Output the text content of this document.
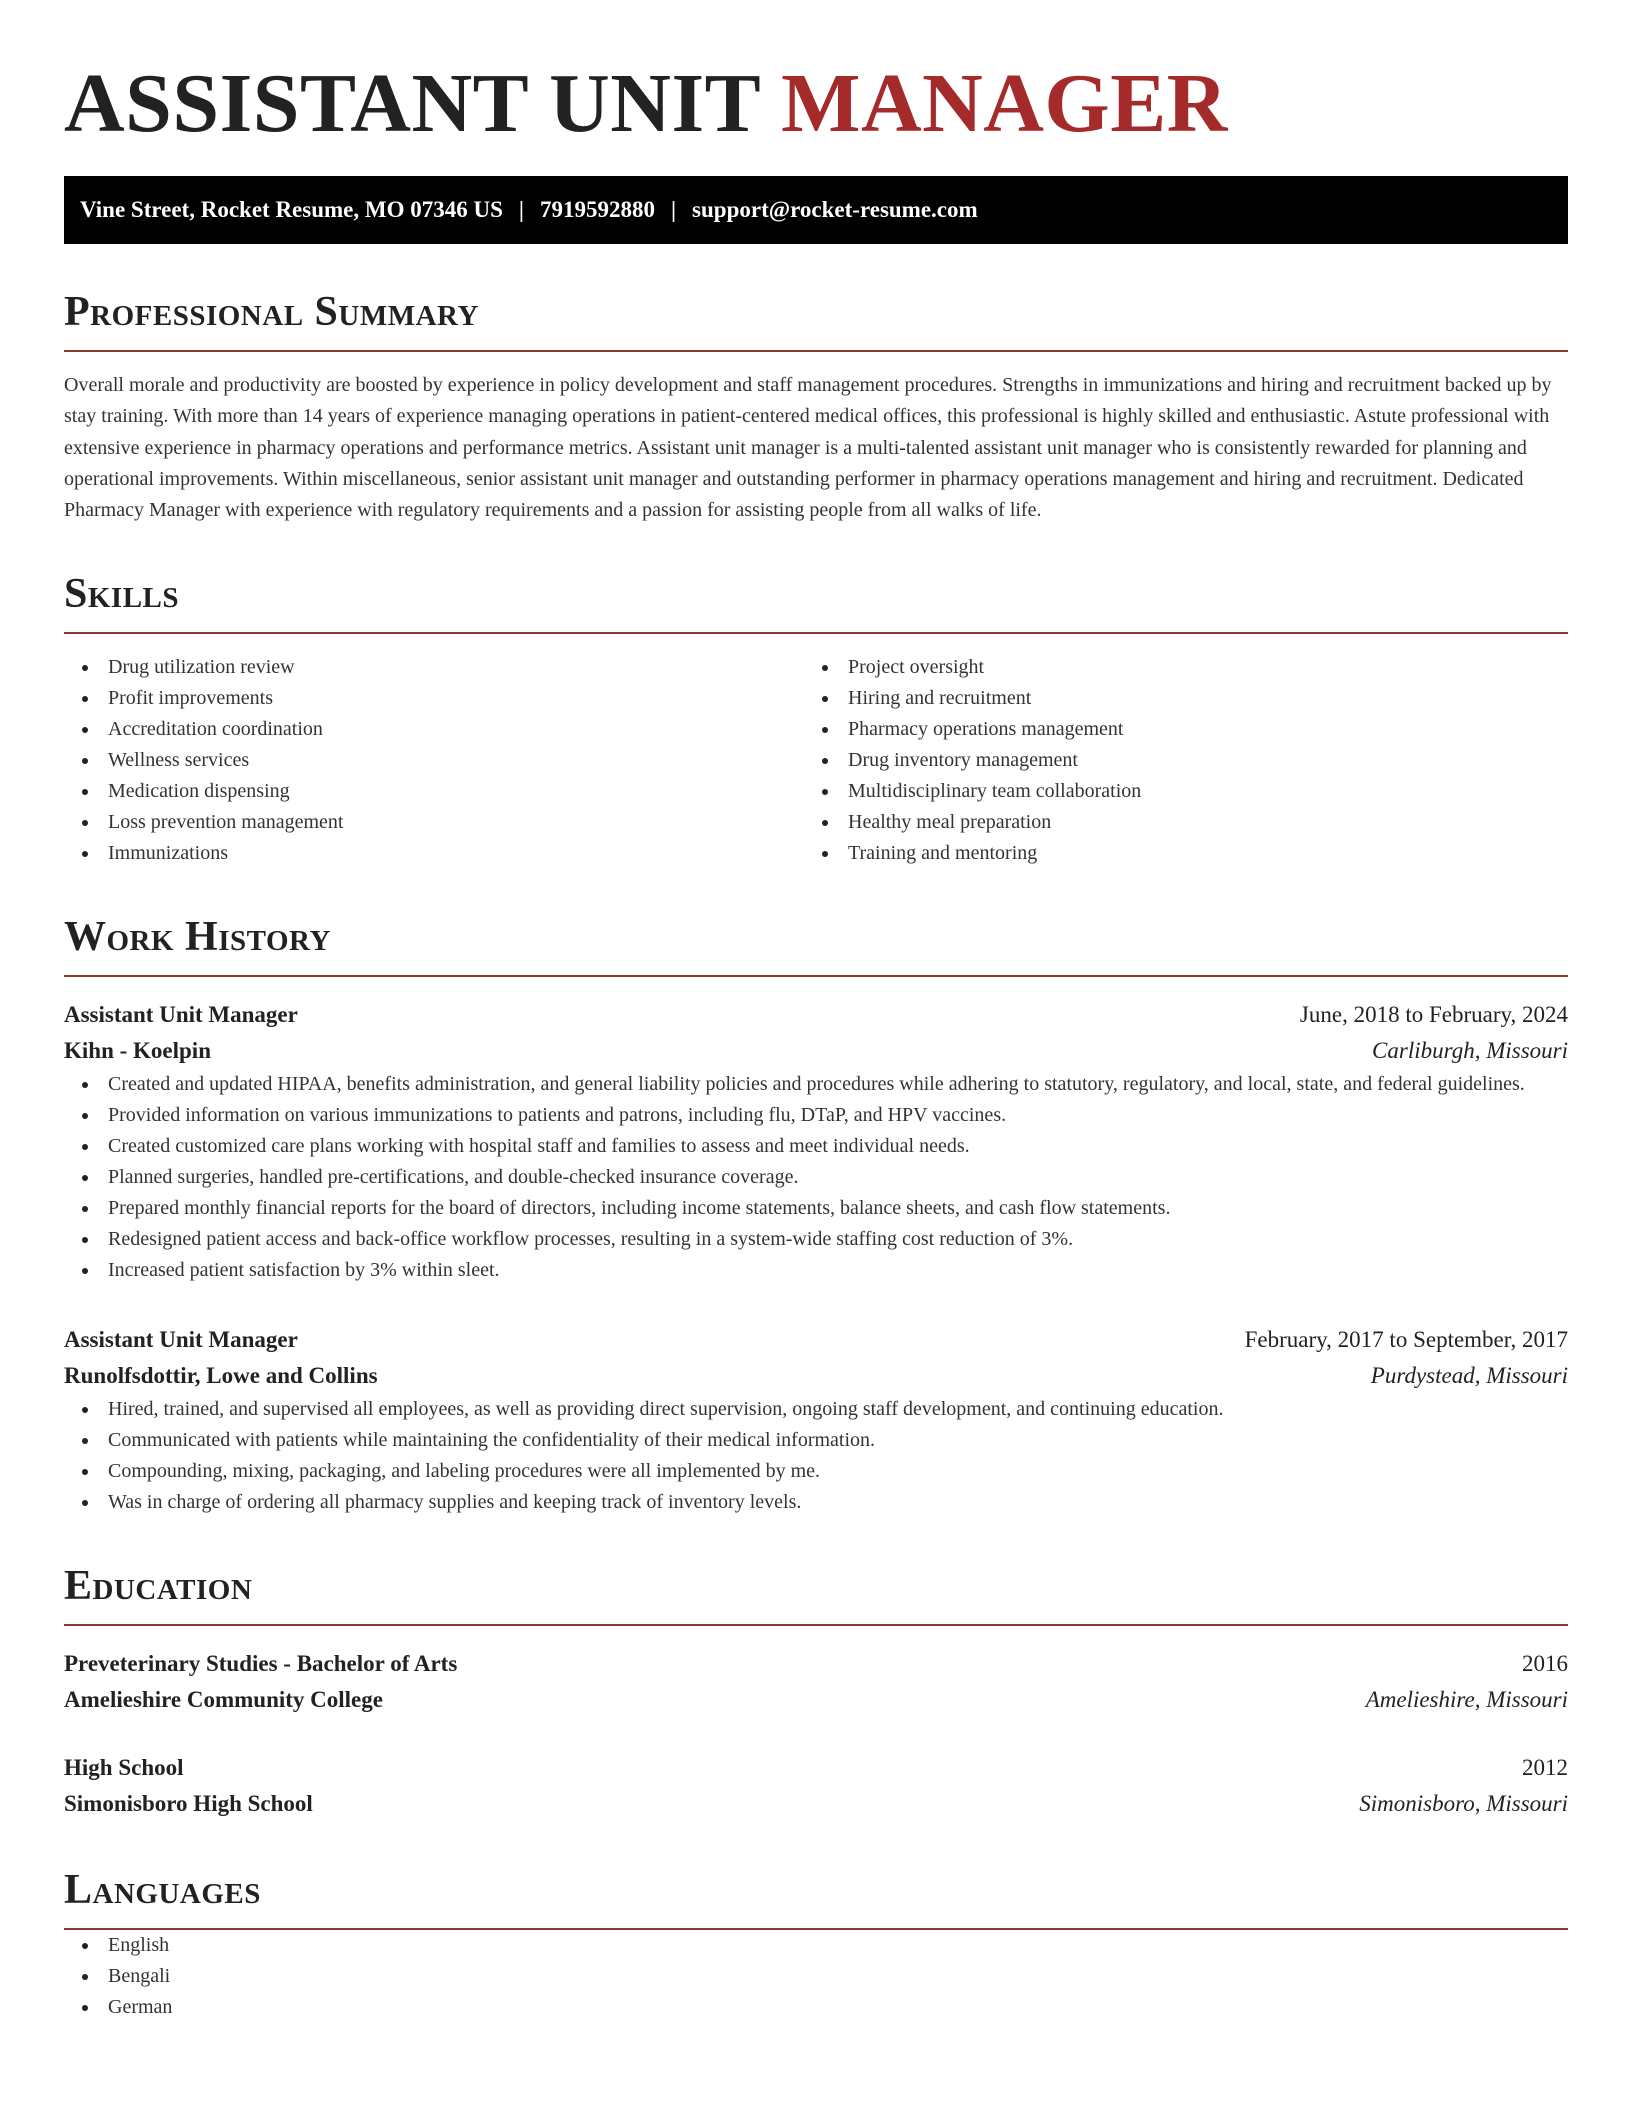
ASSISTANT UNIT MANAGER
Vine Street, Rocket Resume, MO 07346 US | 7919592880 | support@rocket-resume.com
Professional Summary

Overall morale and productivity are boosted by experience in policy development and staff management procedures. Strengths in immunizations and hiring and recruitment backed up by stay training. With more than 14 years of experience managing operations in patient-centered medical offices, this professional is highly skilled and enthusiastic. Astute professional with extensive experience in pharmacy operations and performance metrics. Assistant unit manager is a multi-talented assistant unit manager who is consistently rewarded for planning and operational improvements. Within miscellaneous, senior assistant unit manager and outstanding performer in pharmacy operations management and hiring and recruitment. Dedicated Pharmacy Manager with experience with regulatory requirements and a passion for assisting people from all walks of life.

Skills
Drug utilization review
Profit improvements
Accreditation coordination
Wellness services
Medication dispensing
Loss prevention management
Immunizations
Project oversight
Hiring and recruitment
Pharmacy operations management
Drug inventory management
Multidisciplinary team collaboration
Healthy meal preparation
Training and mentoring
Work History
Assistant Unit Manager	June, 2018 to February, 2024
Kihn - Koelpin	Carliburgh, Missouri
Created and updated HIPAA, benefits administration, and general liability policies and procedures while adhering to statutory, regulatory, and local, state, and federal guidelines.
Provided information on various immunizations to patients and patrons, including flu, DTaP, and HPV vaccines.
Created customized care plans working with hospital staff and families to assess and meet individual needs.
Planned surgeries, handled pre-certifications, and double-checked insurance coverage.
Prepared monthly financial reports for the board of directors, including income statements, balance sheets, and cash flow statements.
Redesigned patient access and back-office workflow processes, resulting in a system-wide staffing cost reduction of 3%.
Increased patient satisfaction by 3% within sleet.
Assistant Unit Manager	February, 2017 to September, 2017
Runolfsdottir, Lowe and Collins	Purdystead, Missouri
Hired, trained, and supervised all employees, as well as providing direct supervision, ongoing staff development, and continuing education.
Communicated with patients while maintaining the confidentiality of their medical information.
Compounding, mixing, packaging, and labeling procedures were all implemented by me.
Was in charge of ordering all pharmacy supplies and keeping track of inventory levels.
Education
Preveterinary Studies - Bachelor of Arts	2016
Amelieshire Community College	Amelieshire, Missouri
High School	2012
Simonisboro High School	Simonisboro, Missouri
Languages
English
Bengali
German
